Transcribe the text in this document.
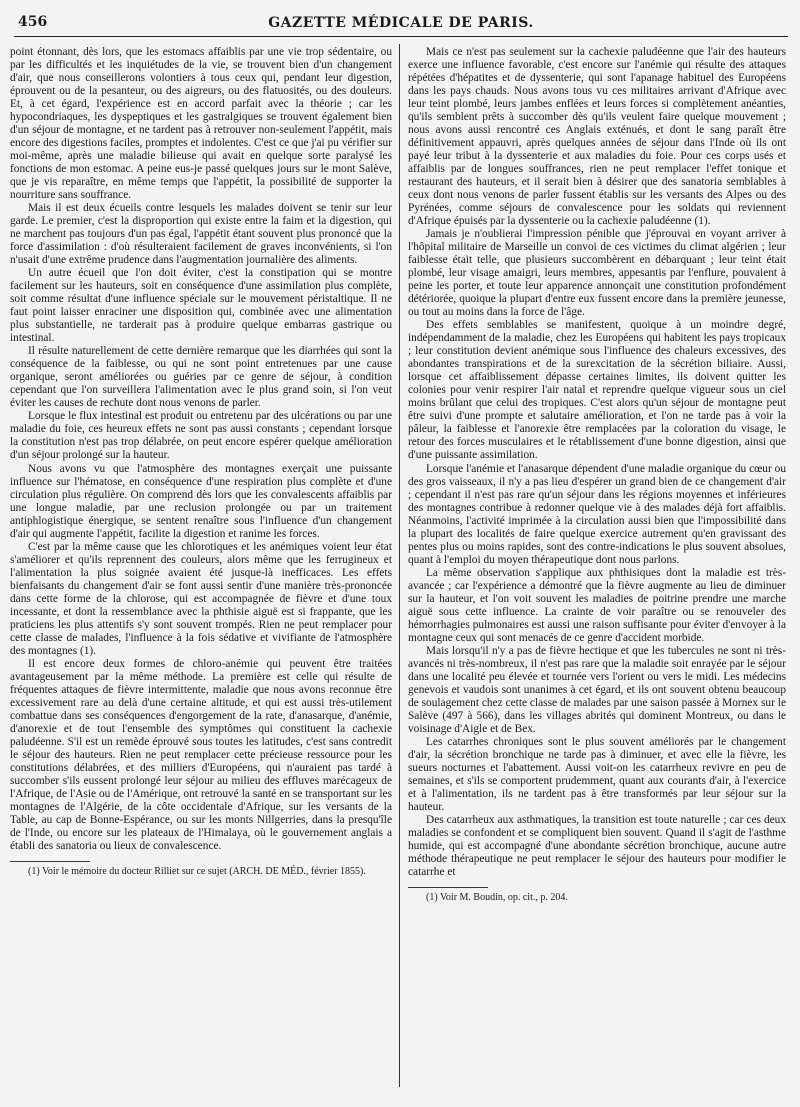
456	GAZETTE MÉDICALE DE PARIS.

point étonnant, dès lors, que les estomacs affaiblis par une vie trop sédentaire, ou par les difficultés et les inquiétudes de la vie, se trouvent bien d'un changement d'air, que nous conseillerons volontiers à tous ceux qui, pendant leur digestion, éprouvent ou de la pesanteur, ou des aigreurs, ou des flatuosités, ou des douleurs. Et, à cet égard, l'expérience est en accord parfait avec la théorie ; car les hypocondriaques, les dyspeptiques et les gastralgiques se trouvent également bien d'un séjour de montagne, et ne tardent pas à retrouver non-seulement l'appétit, mais encore des digestions faciles, promptes et indolentes. C'est ce que j'ai pu vérifier sur moi-même, après une maladie bilieuse qui avait en quelque sorte paralysé les fonctions de mon estomac. A peine eus-je passé quelques jours sur le mont Salève, que je vis reparaître, en même temps que l'appétit, la possibilité de supporter la nourriture sans souffrance.

Mais il est deux écueils contre lesquels les malades doivent se tenir sur leur garde. Le premier, c'est la disproportion qui existe entre la faim et la digestion, qui ne marchent pas toujours d'un pas égal, l'appétit étant souvent plus prononcé que la force d'assimilation : d'où résulteraient facilement de graves inconvénients, si l'on n'usait d'une extrême prudence dans l'augmentation journalière des aliments.

Un autre écueil que l'on doit éviter, c'est la constipation qui se montre facilement sur les hauteurs, soit en conséquence d'une assimilation plus complète, soit comme résultat d'une influence spéciale sur le mouvement péristaltique. Il ne faut point laisser enraciner une disposition qui, combinée avec une alimentation plus substantielle, ne tarderait pas à produire quelque embarras gastrique ou intestinal.

Il résulte naturellement de cette dernière remarque que les diarrhées qui sont la conséquence de la faiblesse, ou qui ne sont point entretenues par une cause organique, seront améliorées ou guéries par ce genre de séjour, à condition cependant que l'on surveillera l'alimentation avec le plus grand soin, si l'on veut éviter les causes de rechute dont nous venons de parler.

Lorsque le flux intestinal est produit ou entretenu par des ulcérations ou par une maladie du foie, ces heureux effets ne sont pas aussi constants ; cependant lorsque la constitution n'est pas trop délabrée, on peut encore espérer quelque amélioration d'un séjour prolongé sur la hauteur.

Nous avons vu que l'atmosphère des montagnes exerçait une puissante influence sur l'hématose, en conséquence d'une respiration plus complète et d'une circulation plus régulière. On comprend dès lors que les convalescents affaiblis par une longue maladie, par une reclusion prolongée ou par un traitement antiphlogistique énergique, se sentent renaître sous l'influence d'un changement d'air qui augmente l'appétit, facilite la digestion et ranime les forces.

C'est par la même cause que les chlorotiques et les anémiques voient leur état s'améliorer et qu'ils reprennent des couleurs, alors même que les ferrugineux et l'alimentation la plus soignée avaient été jusque-là inefficaces. Les effets bienfaisants du changement d'air se font aussi sentir d'une manière très-prononcée dans cette forme de la chlorose, qui est accompagnée de fièvre et d'une toux incessante, et dont la ressemblance avec la phthisie aiguë est si frappante, que les praticiens les plus attentifs s'y sont souvent trompés. Rien ne peut remplacer pour cette classe de malades, l'influence à la fois sédative et vivifiante de l'atmosphère des montagnes (1).

Il est encore deux formes de chloro-anémie qui peuvent être traitées avantageusement par la même méthode. La première est celle qui résulte de fréquentes attaques de fièvre intermittente, maladie que nous avons reconnue être excessivement rare au delà d'une certaine altitude, et qui est aussi très-utilement combattue dans ses conséquences d'engorgement de la rate, d'anasarque, d'anémie, d'anorexie et de tout l'ensemble des symptômes qui constituent la cachexie paludéenne. S'il est un remède éprouvé sous toutes les latitudes, c'est sans contredit le séjour des hauteurs. Rien ne peut remplacer cette précieuse ressource pour les constitutions délabrées, et des milliers d'Européens, qui n'auraient pas tardé à succomber s'ils eussent prolongé leur séjour au milieu des effluves marécageux de l'Afrique, de l'Asie ou de l'Amérique, ont retrouvé la santé en se transportant sur les montagnes de l'Algérie, de la côte occidentale d'Afrique, sur les versants de la Table, au cap de Bonne-Espérance, ou sur les monts Nillgerries, dans la presqu'île de l'Inde, ou encore sur les plateaux de l'Himalaya, où le gouvernement anglais a établi des sanatoria ou lieux de convalescence.

(1) Voir le mémoire du docteur Rilliet sur ce sujet (ARCH. DE MÉD., février 1855).

Mais ce n'est pas seulement sur la cachexie paludéenne que l'air des hauteurs exerce une influence favorable, c'est encore sur l'anémie qui résulte des attaques répétées d'hépatites et de dyssenterie, qui sont l'apanage habituel des Européens dans les pays chauds. Nous avons tous vu ces militaires arrivant d'Afrique avec leur teint plombé, leurs jambes enflées et leurs forces si complètement anéanties, qu'ils semblent prêts à succomber dès qu'ils veulent faire quelque mouvement ; nous avons aussi rencontré ces Anglais exténués, et dont le sang paraît être définitivement appauvri, après quelques années de séjour dans l'Inde où ils ont payé leur tribut à la dyssenterie et aux maladies du foie. Pour ces corps usés et affaiblis par de longues souffrances, rien ne peut remplacer l'effet tonique et restaurant des hauteurs, et il serait bien à désirer que des sanatoria semblables à ceux dont nous venons de parler fussent établis sur les versants des Alpes ou des Pyrénées, comme séjours de convalescence pour les soldats qui reviennent d'Afrique épuisés par la dyssenterie ou la cachexie paludéenne (1).

Jamais je n'oublierai l'impression pénible que j'éprouvai en voyant arriver à l'hôpital militaire de Marseille un convoi de ces victimes du climat algérien ; leur faiblesse était telle, que plusieurs succombèrent en débarquant ; leur teint était plombé, leur visage amaigri, leurs membres, appesantis par l'enflure, pouvaient à peine les porter, et toute leur apparence annonçait une constitution profondément détériorée, quoique la plupart d'entre eux fussent encore dans la première jeunesse, ou tout au moins dans la force de l'âge.

Des effets semblables se manifestent, quoique à un moindre degré, indépendamment de la maladie, chez les Européens qui habitent les pays tropicaux ; leur constitution devient anémique sous l'influence des chaleurs excessives, des abondantes transpirations et de la surexcitation de la sécrétion biliaire. Aussi, lorsque cet affaiblissement dépasse certaines limites, ils doivent quitter les colonies pour venir respirer l'air natal et reprendre quelque vigueur sous un ciel moins brûlant que celui des tropiques. C'est alors qu'un séjour de montagne peut être suivi d'une prompte et salutaire amélioration, et l'on ne tarde pas à voir la pâleur, la faiblesse et l'anorexie être remplacées par la coloration du visage, le retour des forces musculaires et le rétablissement d'une bonne digestion, ainsi que d'une puissante assimilation.

Lorsque l'anémie et l'anasarque dépendent d'une maladie organique du cœur ou des gros vaisseaux, il n'y a pas lieu d'espérer un grand bien de ce changement d'air ; cependant il n'est pas rare qu'un séjour dans les régions moyennes et inférieures des montagnes contribue à redonner quelque vie à des malades déjà fort affaiblis. Néanmoins, l'activité imprimée à la circulation aussi bien que l'impossibilité dans la plupart des localités de faire quelque exercice autrement qu'en gravissant des pentes plus ou moins rapides, sont des contre-indications le plus souvent absolues, quant à l'emploi du moyen thérapeutique dont nous parlons.

La même observation s'applique aux phthisiques dont la maladie est très-avancée ; car l'expérience a démontré que la fièvre augmente au lieu de diminuer sur la hauteur, et l'on voit souvent les maladies de poitrine prendre une marche aiguë sous cette influence. La crainte de voir paraître ou se renouveler des hémorrhagies pulmonaires est aussi une raison suffisante pour éviter d'envoyer à la montagne ceux qui sont menacés de ce genre d'accident morbide.

Mais lorsqu'il n'y a pas de fièvre hectique et que les tubercules ne sont ni très-avancés ni très-nombreux, il n'est pas rare que la maladie soit enrayée par le séjour dans une localité peu élevée et tournée vers l'orient ou vers le midi. Les médecins genevois et vaudois sont unanimes à cet égard, et ils ont souvent obtenu beaucoup de soulagement chez cette classe de malades par une saison passée à Mornex sur le Salève (497 à 566), dans les villages abrités qui dominent Montreux, ou dans le voisinage d'Aigle et de Bex.

Les catarrhes chroniques sont le plus souvent améliorés par le changement d'air, la sécrétion bronchique ne tarde pas à diminuer, et avec elle la fièvre, les sueurs nocturnes et l'abattement. Aussi voit-on les catarrheux revivre en peu de semaines, et s'ils se comportent prudemment, quant aux courants d'air, à l'exercice et à l'alimentation, ils ne tardent pas à être transformés par leur séjour sur la hauteur.

Des catarrheux aux asthmatiques, la transition est toute naturelle ; car ces deux maladies se confondent et se compliquent bien souvent. Quand il s'agit de l'asthme humide, qui est accompagné d'une abondante sécrétion bronchique, aucune autre méthode thérapeutique ne peut remplacer le séjour des hauteurs pour modifier le catarrhe et

(1) Voir M. Boudin, op. cit., p. 204.
